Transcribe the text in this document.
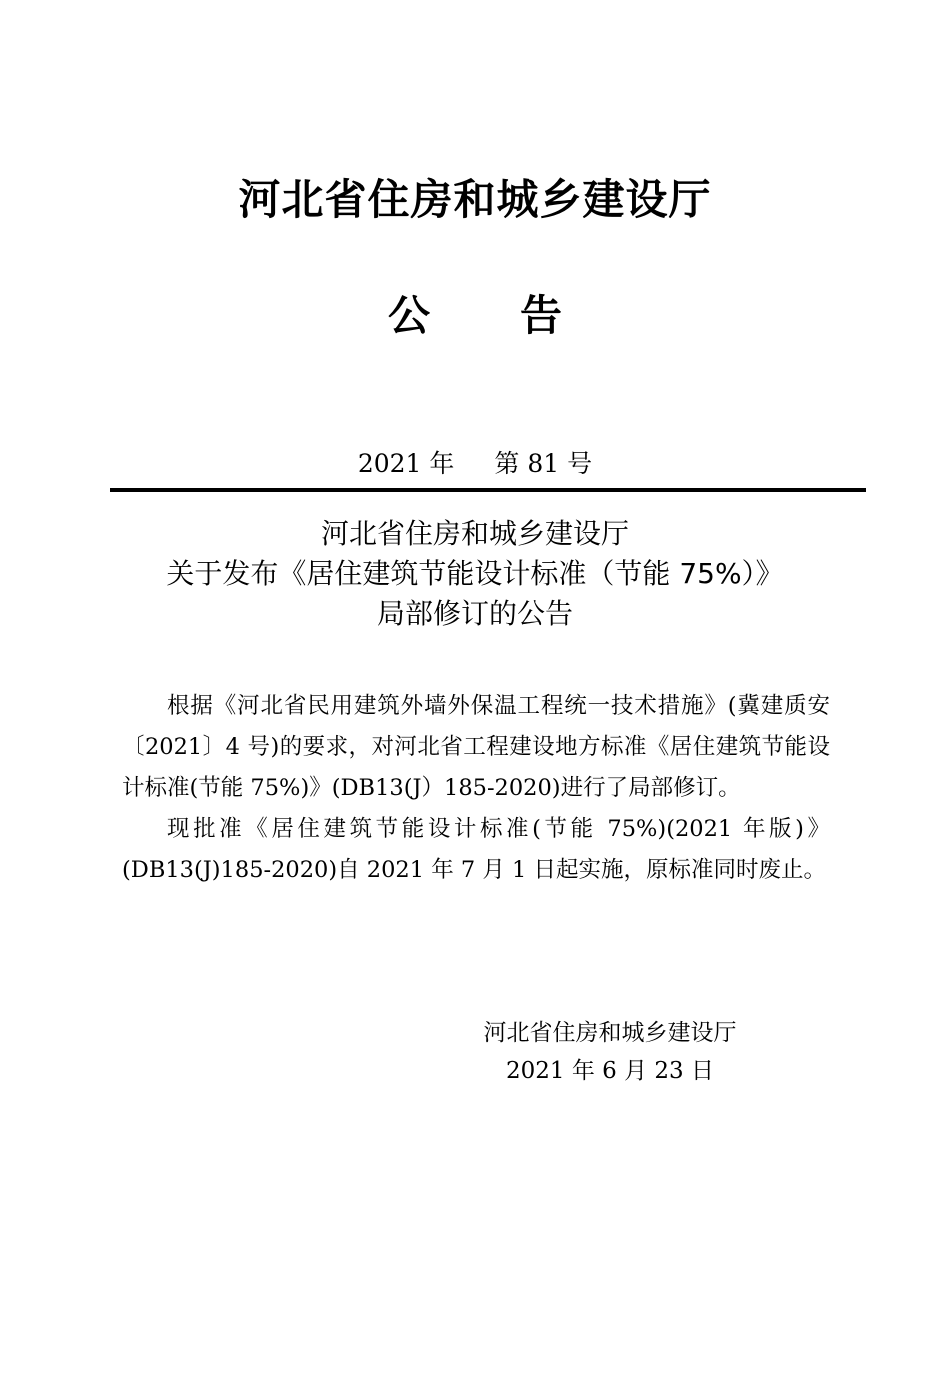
河北省住房和城乡建设厅
公 告
2021 年 第 81 号
河北省住房和城乡建设厅
关于发布《居住建筑节能设计标准（节能 75%）》
局部修订的公告

根据《河北省民用建筑外墙外保温工程统一技术措施》(冀建质安〔2021〕4 号)的要求，对河北省工程建设地方标准《居住建筑节能设计标准(节能 75%)》(DB13(J）185-2020)进行了局部修订。

现批准《居住建筑节能设计标准(节能 75%)(2021 年版)》(DB13(J)185-2020)自 2021 年 7 月 1 日起实施，原标准同时废止。

河北省住房和城乡建设厅
2021 年 6 月 23 日
